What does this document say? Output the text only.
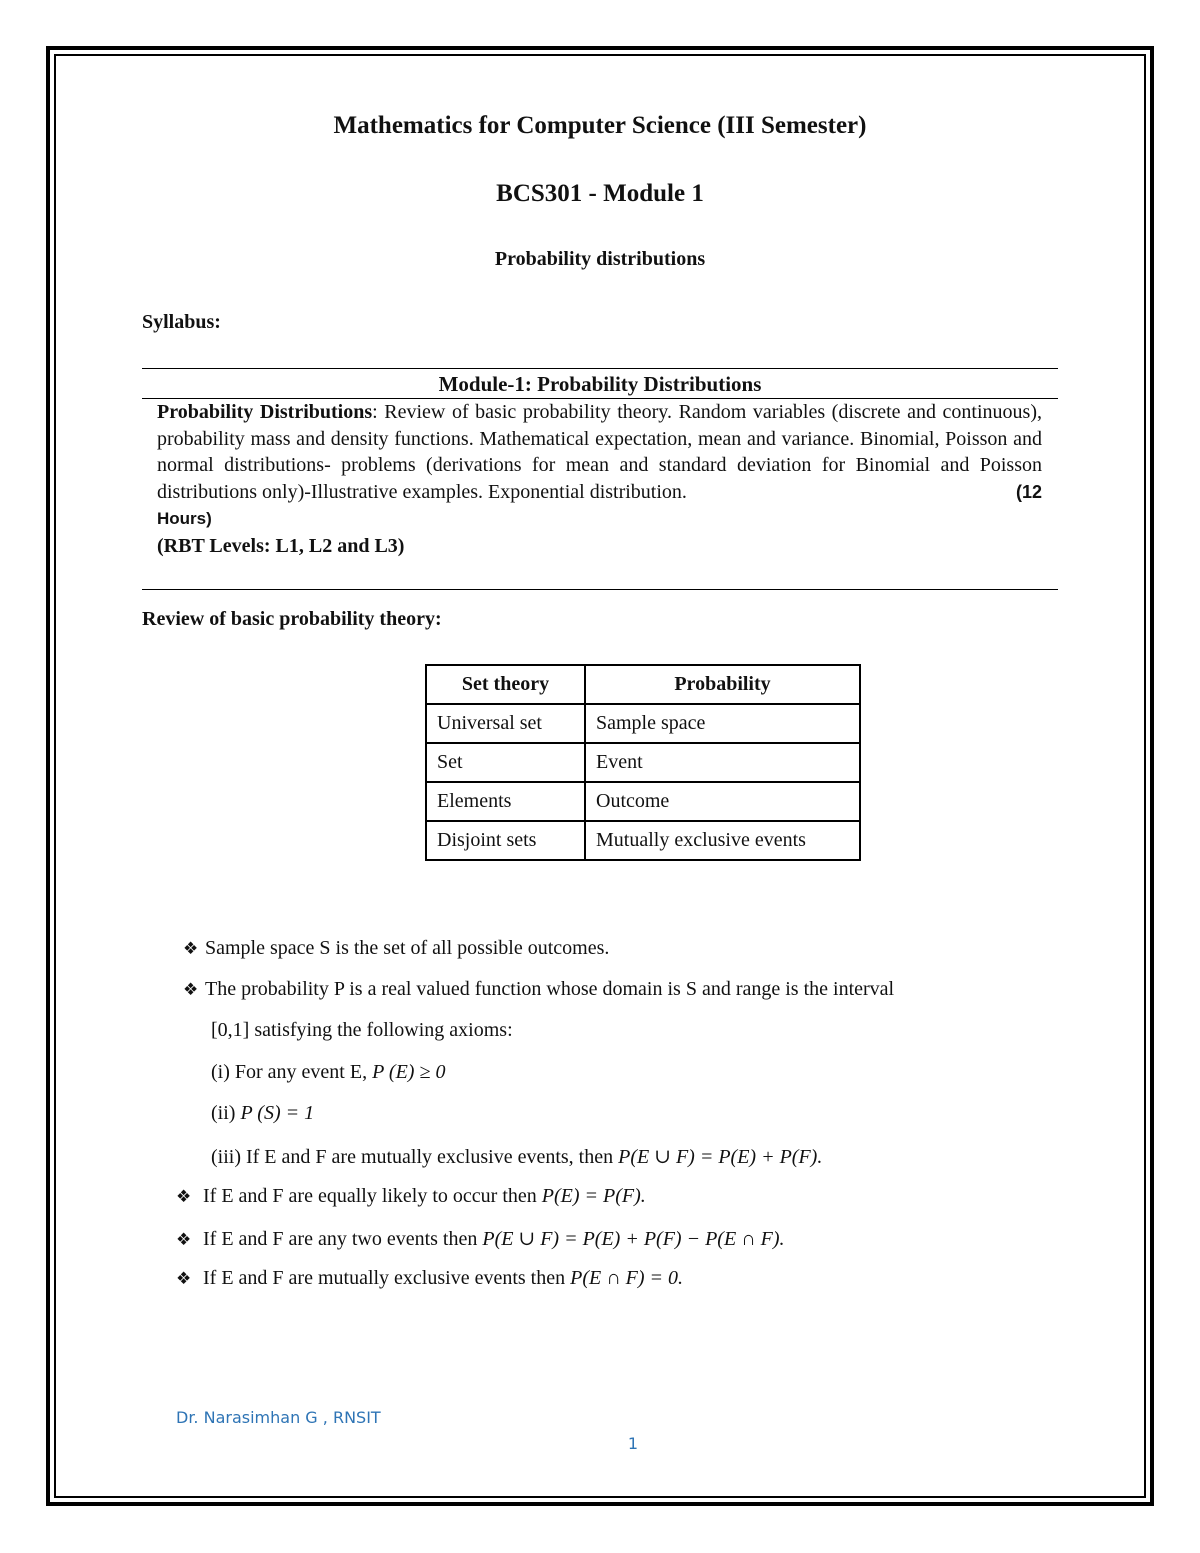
Mathematics for Computer Science (III Semester)
BCS301 - Module 1
Probability distributions
Syllabus:
Module-1: Probability Distributions
Probability Distributions: Review of basic probability theory. Random variables (discrete and continuous), probability mass and density functions. Mathematical expectation, mean and variance. Binomial, Poisson and normal distributions- problems (derivations for mean and standard deviation for Binomial and Poisson distributions only)-Illustrative examples. Exponential distribution.	(12

Hours)
(RBT Levels: L1, L2 and L3)
Review of basic probability theory:
Set theory	Probability
Universal set	Sample space
Set	Event
Elements	Outcome
Disjoint sets	Mutually exclusive events
❖ Sample space S is the set of all possible outcomes.
❖ The probability P is a real valued function whose domain is S and range is the interval
[0,1] satisfying the following axioms:
(i) For any event E, P (E) ≥ 0
(ii) P (S) = 1
(iii) If E and F are mutually exclusive events, then P(E ∪ F) = P(E) + P(F).
❖ If E and F are equally likely to occur then P(E) = P(F).
❖ If E and F are any two events then P(E ∪ F) = P(E) + P(F) − P(E ∩ F).
❖ If E and F are mutually exclusive events then P(E ∩ F) = 0.
Dr. Narasimhan G , RNSIT
1
